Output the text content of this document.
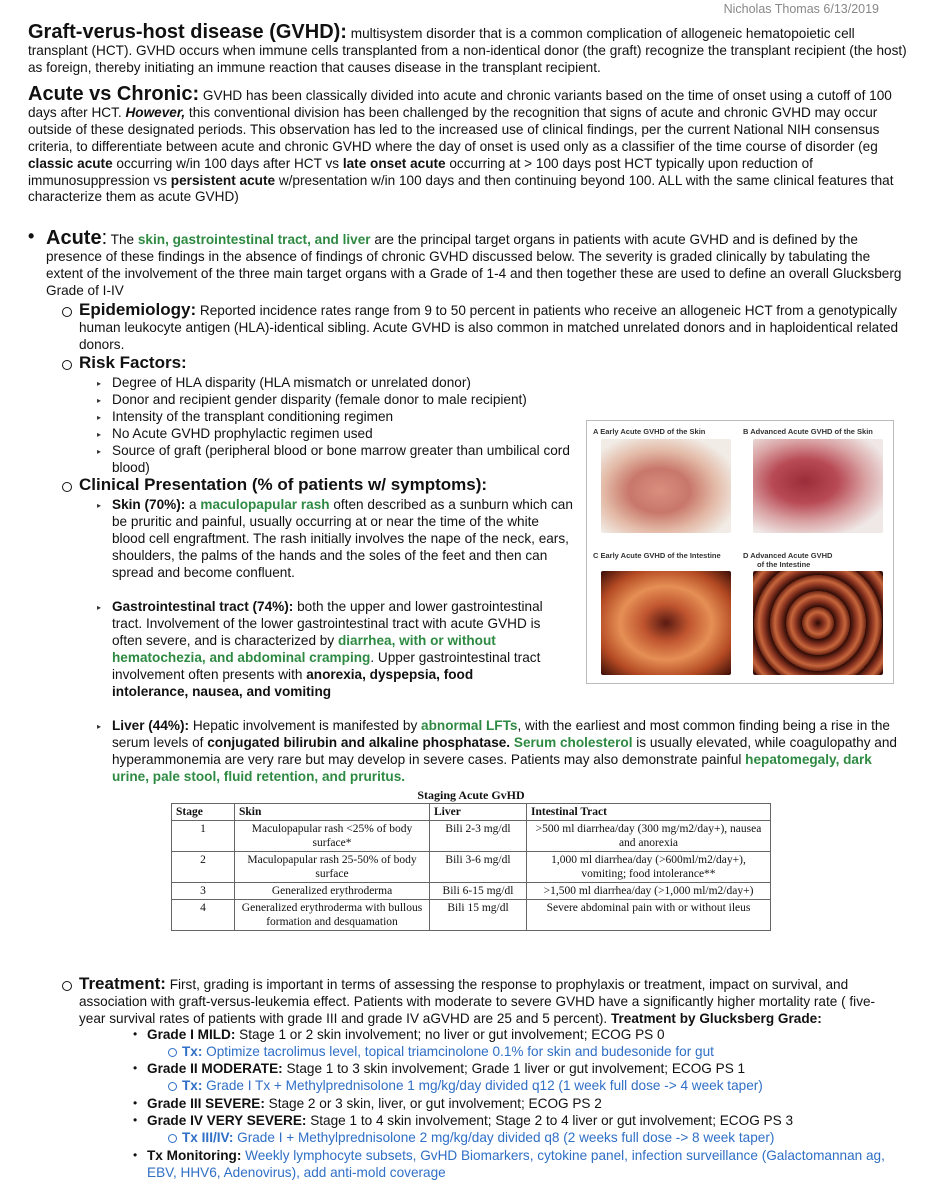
Nicholas Thomas 6/13/2019

Graft-verus-host disease (GVHD): multisystem disorder that is a common complication of allogeneic hematopoietic cell transplant (HCT). GVHD occurs when immune cells transplanted from a non-identical donor (the graft) recognize the transplant recipient (the host) as foreign, thereby initiating an immune reaction that causes disease in the transplant recipient.

Acute vs Chronic: GVHD has been classically divided into acute and chronic variants based on the time of onset using a cutoff of 100 days after HCT. However, this conventional division has been challenged by the recognition that signs of acute and chronic GVHD may occur outside of these designated periods. This observation has led to the increased use of clinical findings, per the current National NIH consensus criteria, to differentiate between acute and chronic GVHD where the day of onset is used only as a classifier of the time course of disorder (eg classic acute occurring w/in 100 days after HCT vs late onset acute occurring at > 100 days post HCT typically upon reduction of immunosuppression vs persistent acute w/presentation w/in 100 days and then continuing beyond 100. ALL with the same clinical features that characterize them as acute GVHD)

• Acute: The skin, gastrointestinal tract, and liver are the principal target organs in patients with acute GVHD and is defined by the presence of these findings in the absence of findings of chronic GVHD discussed below. The severity is graded clinically by tabulating the extent of the involvement of the three main target organs with a Grade of 1-4 and then together these are used to define an overall Glucksberg Grade of I-IV

Epidemiology: Reported incidence rates range from 9 to 50 percent in patients who receive an allogeneic HCT from a genotypically human leukocyte antigen (HLA)-identical sibling. Acute GVHD is also common in matched unrelated donors and in haploidentical related donors.

Risk Factors:

▸ Degree of HLA disparity (HLA mismatch or unrelated donor)

▸ Donor and recipient gender disparity (female donor to male recipient)

▸ Intensity of the transplant conditioning regimen

▸ No Acute GVHD prophylactic regimen used

▸ Source of graft (peripheral blood or bone marrow greater than umbilical cord blood)

Clinical Presentation (% of patients w/ symptoms):

▸ Skin (70%): a maculopapular rash often described as a sunburn which can be pruritic and painful, usually occurring at or near the time of the white blood cell engraftment. The rash initially involves the nape of the neck, ears, shoulders, the palms of the hands and the soles of the feet and then can spread and become confluent.

▸ Gastrointestinal tract (74%): both the upper and lower gastrointestinal tract. Involvement of the lower gastrointestinal tract with acute GVHD is often severe, and is characterized by diarrhea, with or without hematochezia, and abdominal cramping. Upper gastrointestinal tract involvement often presents with anorexia, dyspepsia, food intolerance, nausea, and vomiting

▸ Liver (44%): Hepatic involvement is manifested by abnormal LFTs, with the earliest and most common finding being a rise in the serum levels of conjugated bilirubin and alkaline phosphatase. Serum cholesterol is usually elevated, while coagulopathy and hyperammonemia are very rare but may develop in severe cases. Patients may also demonstrate painful hepatomegaly, dark urine, pale stool, fluid retention, and pruritus.

A Early Acute GVHD of the Skin	B Advanced Acute GVHD of the Skin
C Early Acute GVHD of the Intestine	D Advanced Acute GVHD
of the Intestine
Staging Acute GvHD
Stage	Skin	Liver	Intestinal Tract
1	Maculopapular rash <25% of body surface*	Bili 2-3 mg/dl	>500 ml diarrhea/day (300 mg/m2/day+), nausea and anorexia
2	Maculopapular rash 25-50% of body surface	Bili 3-6 mg/dl	1,000 ml diarrhea/day (>600ml/m2/day+), vomiting; food intolerance**
3	Generalized erythroderma	Bili 6-15 mg/dl	>1,500 ml diarrhea/day (>1,000 ml/m2/day+)
4	Generalized erythroderma with bullous formation and desquamation	Bili 15 mg/dl	Severe abdominal pain with or without ileus

Treatment: First, grading is important in terms of assessing the response to prophylaxis or treatment, impact on survival, and association with graft-versus-leukemia effect. Patients with moderate to severe GVHD have a significantly higher mortality rate ( five-year survival rates of patients with grade III and grade IV aGVHD are 25 and 5 percent). Treatment by Glucksberg Grade:

• Grade I MILD: Stage 1 or 2 skin involvement; no liver or gut involvement; ECOG PS 0

Tx: Optimize tacrolimus level, topical triamcinolone 0.1% for skin and budesonide for gut

• Grade II MODERATE: Stage 1 to 3 skin involvement; Grade 1 liver or gut involvement; ECOG PS 1

Tx: Grade I Tx + Methylprednisolone 1 mg/kg/day divided q12 (1 week full dose -> 4 week taper)

• Grade III SEVERE: Stage 2 or 3 skin, liver, or gut involvement; ECOG PS 2

• Grade IV VERY SEVERE: Stage 1 to 4 skin involvement; Stage 2 to 4 liver or gut involvement; ECOG PS 3

Tx III/IV: Grade I + Methylprednisolone 2 mg/kg/day divided q8 (2 weeks full dose -> 8 week taper)

• Tx Monitoring: Weekly lymphocyte subsets, GvHD Biomarkers, cytokine panel, infection surveillance (Galactomannan ag, EBV, HHV6, Adenovirus), add anti-mold coverage
